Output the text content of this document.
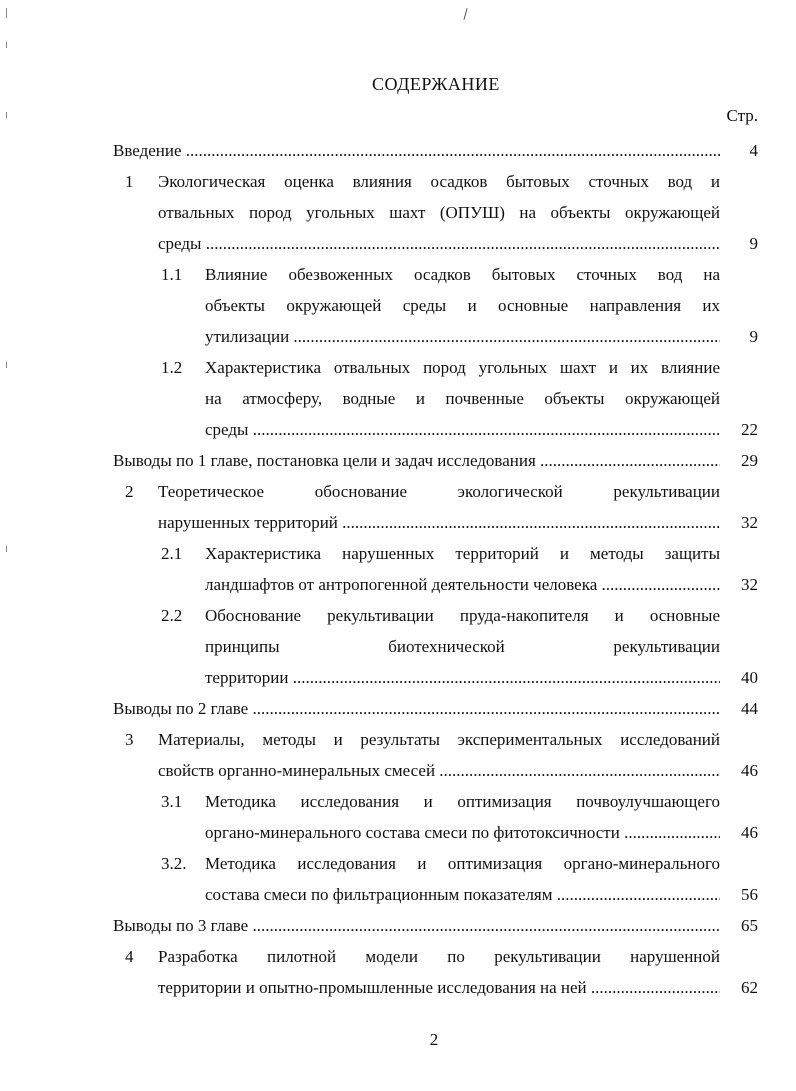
СОДЕРЖАНИЕ
Стр.
Введение .....	4
1 Экологическая оценка влияния осадков бытовых сточных вод и
отвальных пород угольных шахт (ОПУШ) на объекты окружающей
среды .....	9
1.1 Влияние обезвоженных осадков бытовых сточных вод на
объекты окружающей среды и основные направления их
утилизации .....	9
1.2 Характеристика отвальных пород угольных шахт и их влияние
на атмосферу, водные и почвенные объекты окружающей
среды .....	22
Выводы по 1 главе, постановка цели и задач исследования .....	29
2 Теоретическое обоснование экологической рекультивации
нарушенных территорий .....	32
2.1 Характеристика нарушенных территорий и методы защиты
ландшафтов от антропогенной деятельности человека .....	32
2.2 Обоснование рекультивации пруда-накопителя и основные
принципы биотехнической рекультивации
территории .....	40
Выводы по 2 главе .....	44
3 Материалы, методы и результаты экспериментальных исследований
свойств органно-минеральных смесей .....	46
3.1 Методика исследования и оптимизация почвоулучшающего
органо-минерального состава смеси по фитотоксичности .....	46
3.2. Методика исследования и оптимизация органо-минерального
состава смеси по фильтрационным показателям .....	56
Выводы по 3 главе .....	65
4 Разработка пилотной модели по рекультивации нарушенной
территории и опытно-промышленные исследования на ней .....	62
2
